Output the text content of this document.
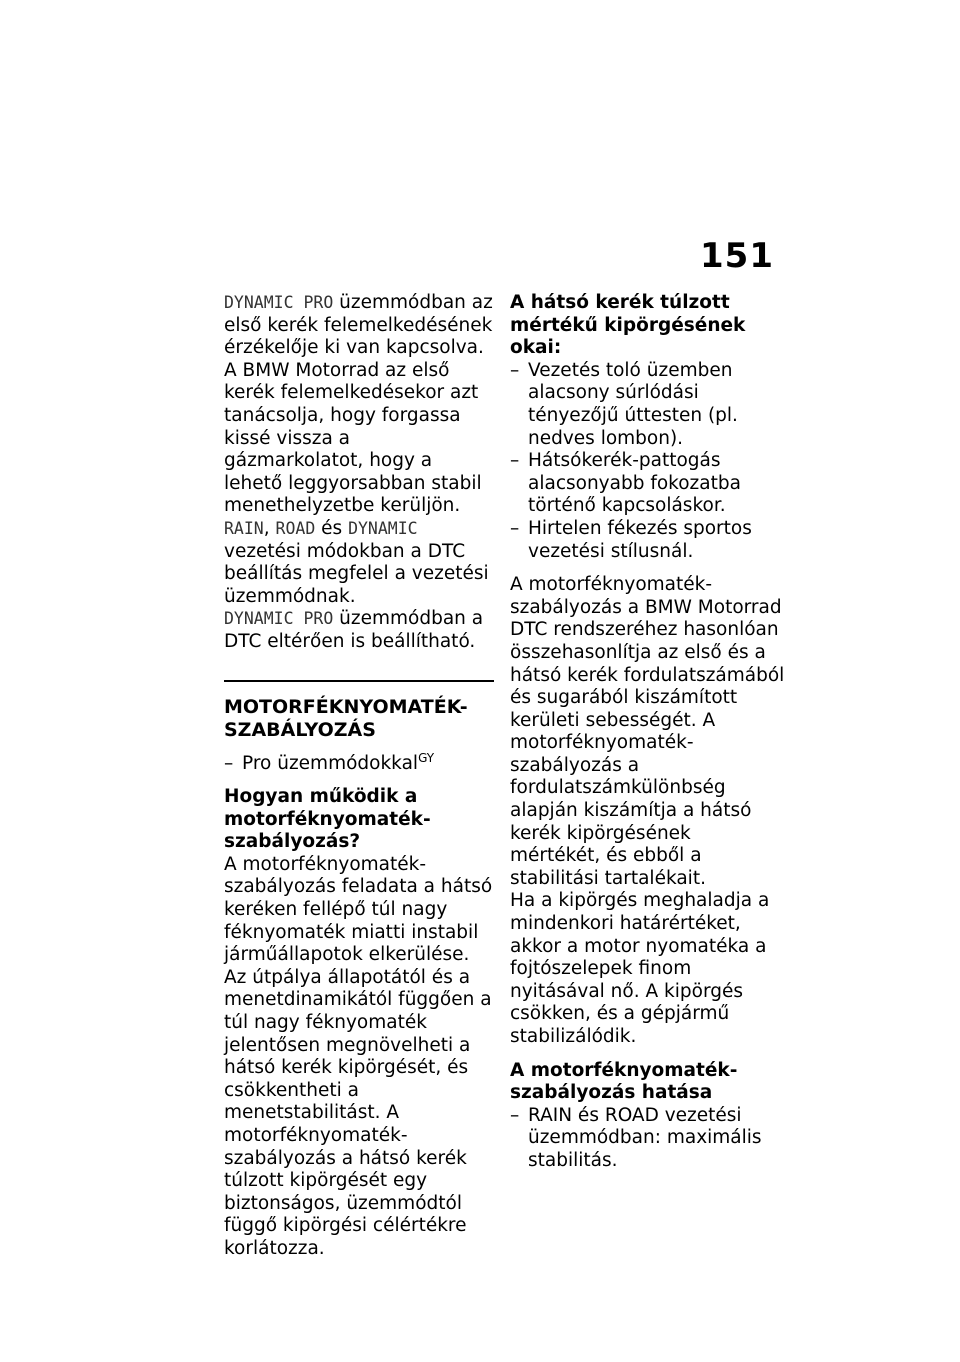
151

DYNAMIC PRO üzemmódban az első kerék felemelkedésének érzékelője ki van kapcsolva. A BMW Motorrad az első kerék felemelkedésekor azt tanácsolja, hogy forgassa kissé vissza a gázmarkolatot, hogy a lehető leggyorsabban stabil menethelyzetbe kerüljön.

RAIN, ROAD és DYNAMIC vezetési módokban a DTC beállítás megfelel a vezetési üzemmódnak.

DYNAMIC PRO üzemmódban a DTC eltérően is beállítható.

MOTORFÉKNYOMATÉK-SZABÁLYOZÁS
– Pro üzemmódokkal$^{GY}$

Hogyan működik a motorféknyomaték-szabályozás?

A motorféknyomaték-szabályozás feladata a hátsó keréken fellépő túl nagy féknyomaték miatti instabil járműállapotok elkerülése. Az útpálya állapotától és a menetdinamikától függően a túl nagy féknyomaték jelentősen megnövelheti a hátsó kerék kipörgését, és csökkentheti a menetstabilitást. A motorféknyomaték-szabályozás a hátsó kerék túlzott kipörgését egy biztonságos, üzemmódtól függő kipörgési célértékre korlátozza.

A hátsó kerék túlzott mértékű kipörgésének okai:

– Vezetés toló üzemben alacsony súrlódási tényezőjű úttesten (pl. nedves lombon).
– Hátsókerék-pattogás alacsonyabb fokozatba történő kapcsoláskor.
– Hirtelen fékezés sportos vezetési stílusnál.

A motorféknyomaték-szabályozás a BMW Motorrad DTC rendszeréhez hasonlóan összehasonlítja az első és a hátsó kerék fordulatszámából és sugarából kiszámított kerületi sebességét. A motorféknyomaték-szabályozás a fordulatszámkülönbség alapján kiszámítja a hátsó kerék kipörgésének mértékét, és ebből a stabilitási tartalékait.

Ha a kipörgés meghaladja a mindenkori határértéket, akkor a motor nyomatéka a fojtószelepek finom nyitásával nő. A kipörgés csökken, és a gépjármű stabilizálódik.

A motorféknyomaték-szabályozás hatása

– RAIN és ROAD vezetési üzemmódban: maximális stabilitás.
